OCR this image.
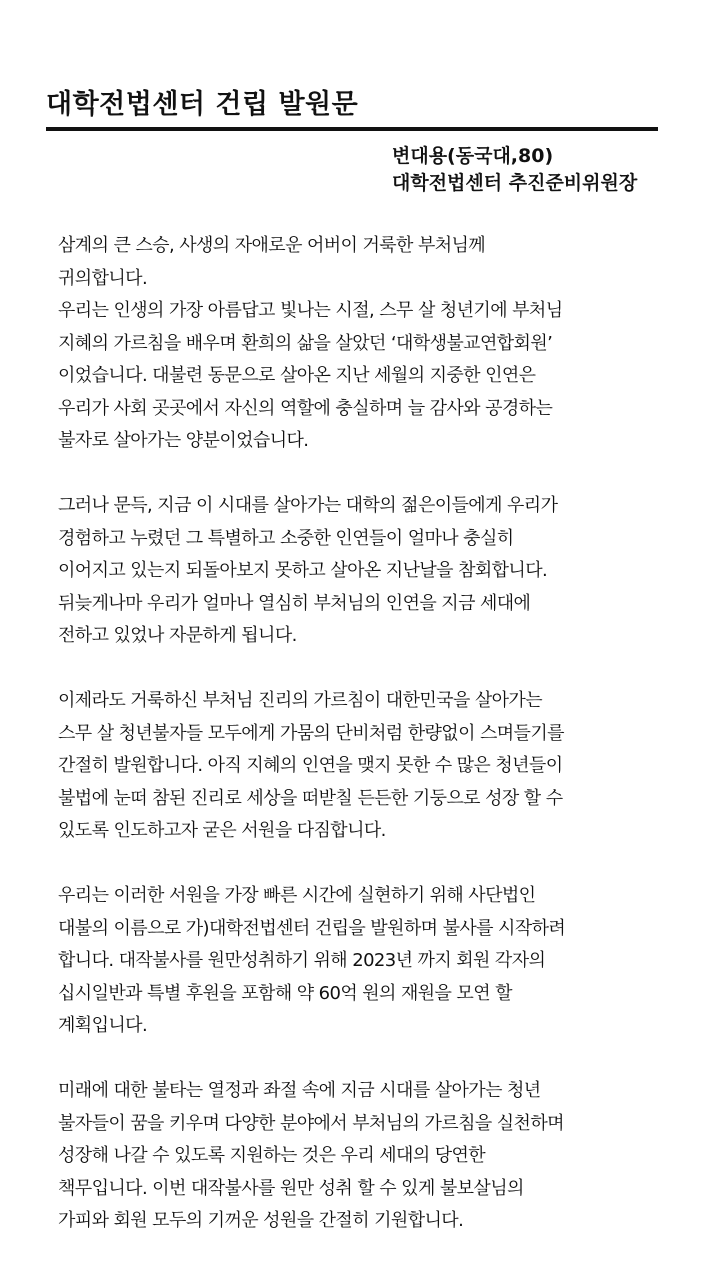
대학전법센터 건립 발원문
변대용(동국대,80)
대학전법센터 추진준비위원장
삼계의 큰 스승, 사생의 자애로운 어버이 거룩한 부처님께
귀의합니다.
우리는 인생의 가장 아름답고 빛나는 시절, 스무 살 청년기에 부처님
지혜의 가르침을 배우며 환희의 삶을 살았던 ‘대학생불교연합회원’
이었습니다. 대불련 동문으로 살아온 지난 세월의 지중한 인연은
우리가 사회 곳곳에서 자신의 역할에 충실하며 늘 감사와 공경하는
불자로 살아가는 양분이었습니다.
그러나 문득, 지금 이 시대를 살아가는 대학의 젊은이들에게 우리가
경험하고 누렸던 그 특별하고 소중한 인연들이 얼마나 충실히
이어지고 있는지 되돌아보지 못하고 살아온 지난날을 참회합니다.
뒤늦게나마 우리가 얼마나 열심히 부처님의 인연을 지금 세대에
전하고 있었나 자문하게 됩니다.
이제라도 거룩하신 부처님 진리의 가르침이 대한민국을 살아가는
스무 살 청년불자들 모두에게 가뭄의 단비처럼 한량없이 스며들기를
간절히 발원합니다. 아직 지혜의 인연을 맺지 못한 수 많은 청년들이
불법에 눈떠 참된 진리로 세상을 떠받칠 든든한 기둥으로 성장 할 수
있도록 인도하고자 굳은 서원을 다짐합니다.
우리는 이러한 서원을 가장 빠른 시간에 실현하기 위해 사단법인
대불의 이름으로 가)대학전법센터 건립을 발원하며 불사를 시작하려
합니다. 대작불사를 원만성취하기 위해 2023년 까지 회원 각자의
십시일반과 특별 후원을 포함해 약 60억 원의 재원을 모연 할
계획입니다.
미래에 대한 불타는 열정과 좌절 속에 지금 시대를 살아가는 청년
불자들이 꿈을 키우며 다양한 분야에서 부처님의 가르침을 실천하며
성장해 나갈 수 있도록 지원하는 것은 우리 세대의 당연한
책무입니다. 이번 대작불사를 원만 성취 할 수 있게 불보살님의
가피와 회원 모두의 기꺼운 성원을 간절히 기원합니다.
